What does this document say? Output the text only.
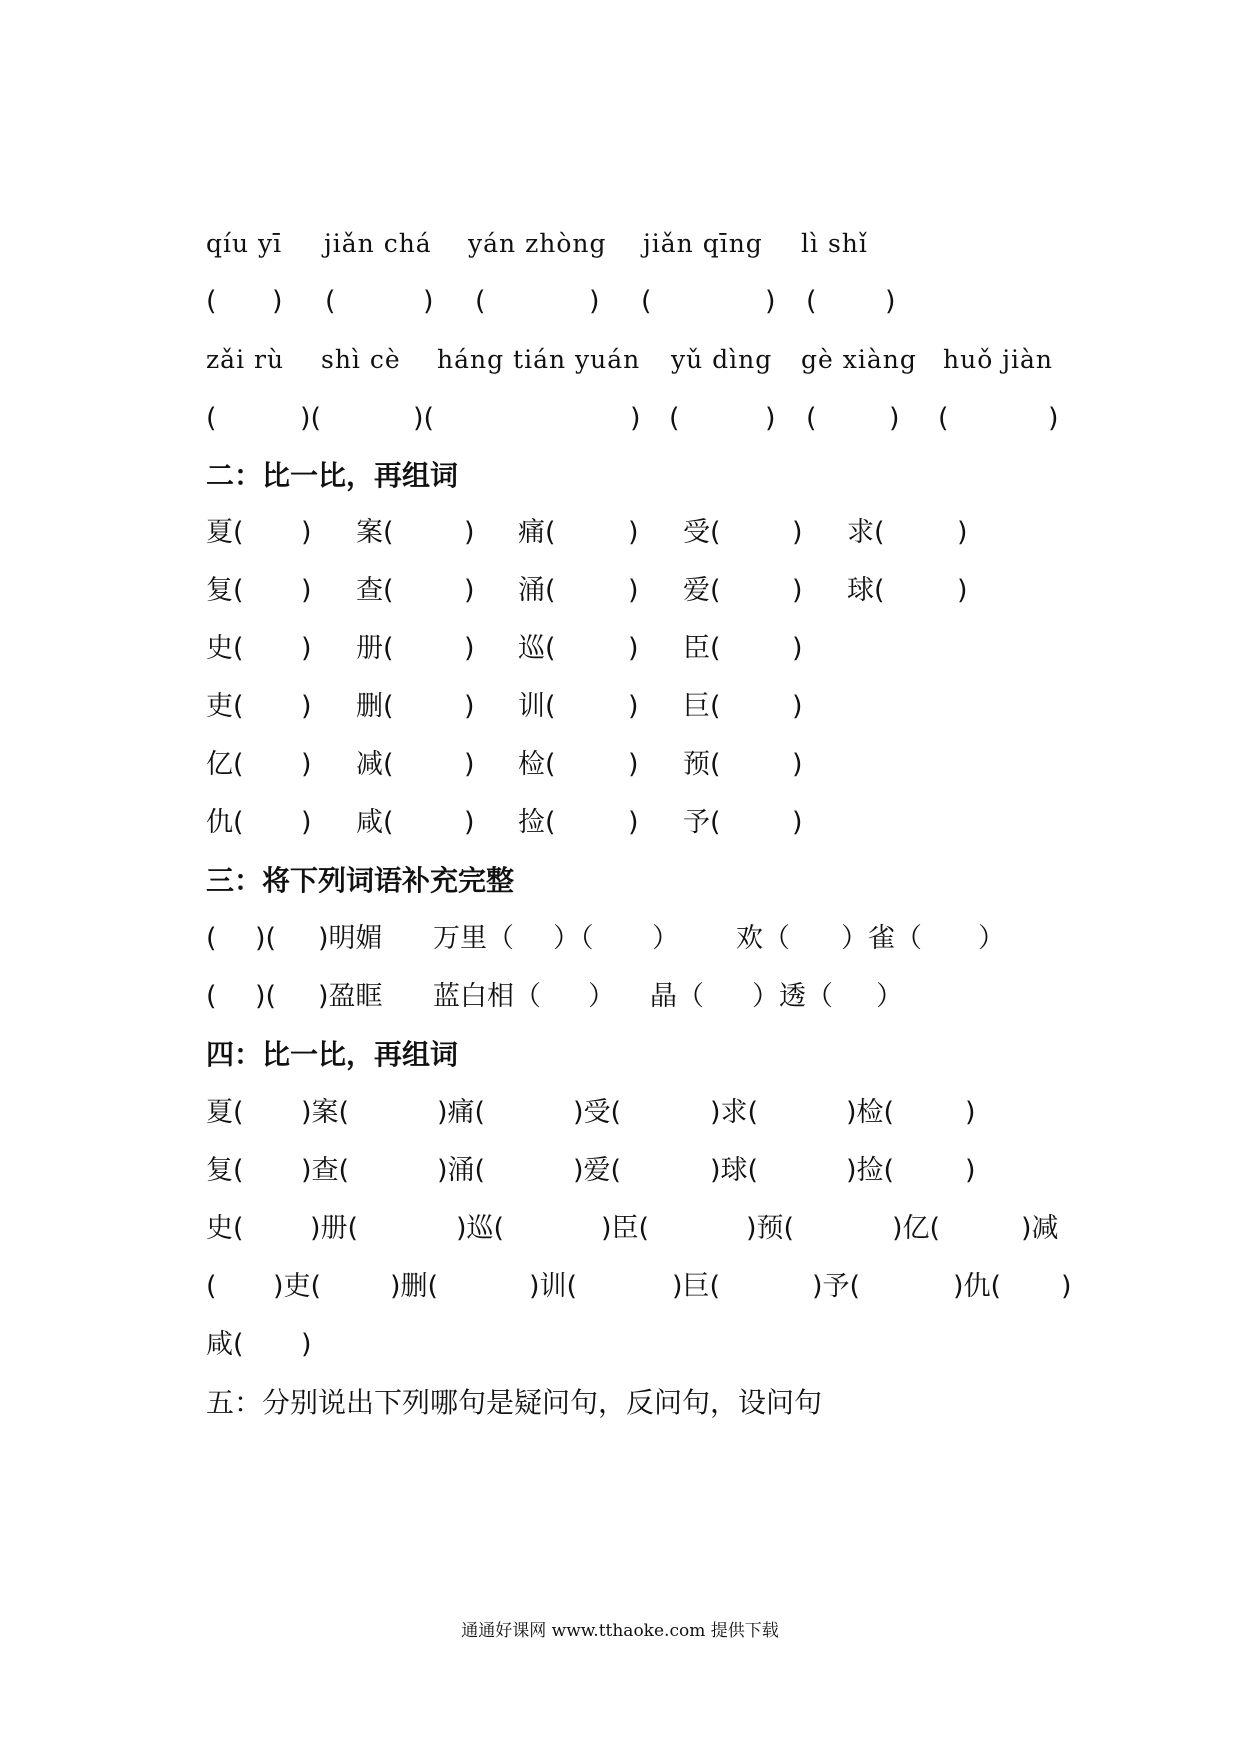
qíu yī jiǎn chá yán zhòng jiǎn qīng lì shǐ
( ) (	) (	) (	) (	)
zǎi rù shì cè háng tián yuán yǔ dìng gè xiàng huǒ jiàn
(	)(	)(	) (	) (	) (	)
二：比一比，再组词
夏( ) 案(	) 痛(	) 受(	) 求(	)
复( ) 查(	) 涌(	) 爱(	) 球(	)
史( ) 册(	) 巡(	) 臣(	)
吏( ) 删(	) 训(	) 巨(	)
亿( ) 减(	) 检(	) 预(	)
仇( ) 咸(	) 捡(	) 予(	)
三：将下列词语补充完整
( )( )明媚 万里（ ）（ ） 欢（ ）雀（ ）
( )( )盈眶 蓝白相（ ） 晶（ ）透（ ）
四：比一比，再组词
夏( )案(	)痛(	)受(	)求(	)检(	)
复( )查(	)涌(	)爱(	)球(	)捡(	)
史( )册(	)巡(	)臣(	)预(	)亿(	)减
( )吏(	)删(	)训(	)巨(	)予(	)仇( )
咸( )
五：分别说出下列哪句是疑问句，反问句，设问句
通通好课网 www.tthaoke.com 提供下载
